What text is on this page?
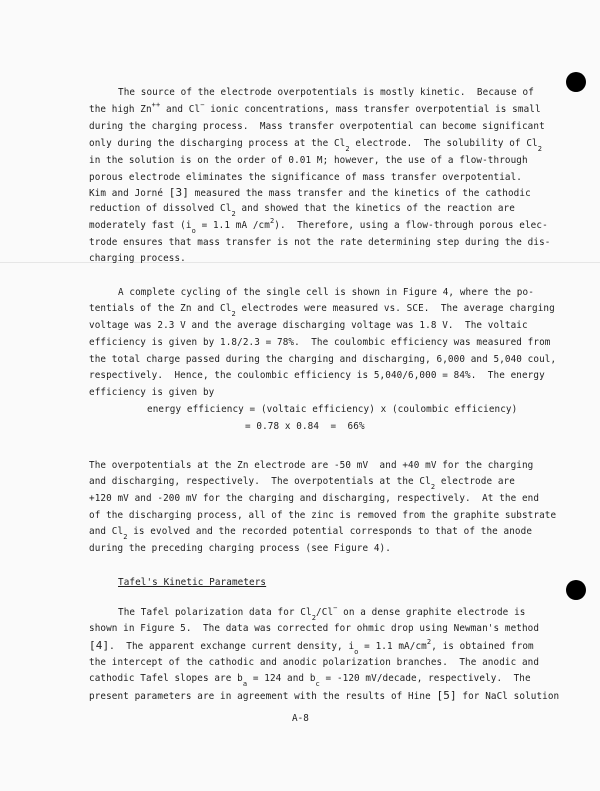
The source of the electrode overpotentials is mostly kinetic.  Because of
the high Zn++ and Cl− ionic concentrations, mass transfer overpotential is small
during the charging process.  Mass transfer overpotential can become significant
only during the discharging process at the $Cl_2$ electrode.  The solubility of $Cl_2$
in the solution is on the order of 0.01 M; however, the use of a flow-through
porous electrode eliminates the significance of mass transfer overpotential.
Kim and Jorné [3] measured the mass transfer and the kinetics of the cathodic
reduction of dissolved $Cl_2$ and showed that the kinetics of the reaction are
moderately fast ($i_o = 1.1$ mA $/cm^2$).  Therefore, using a flow-through porous elec-
trode ensures that mass transfer is not the rate determining step during the dis-
charging process.
A complete cycling of the single cell is shown in Figure 4, where the po-
tentials of the Zn and $Cl_2$ electrodes were measured vs. SCE.  The average charging
voltage was 2.3 V and the average discharging voltage was 1.8 V.  The voltaic
efficiency is given by 1.8/2.3 = 78%.  The coulombic efficiency was measured from
the total charge passed during the charging and discharging, 6,000 and 5,040 coul,
respectively.  Hence, the coulombic efficiency is 5,040/6,000 = 84%.  The energy
efficiency is given by
energy efficiency = (voltaic efficiency) x (coulombic efficiency)
= 0.78 x 0.84  =  66%
The overpotentials at the Zn electrode are -50 mV  and +40 mV for the charging
and discharging, respectively.  The overpotentials at the $Cl_2$ electrode are
+120 mV and -200 mV for the charging and discharging, respectively.  At the end
of the discharging process, all of the zinc is removed from the graphite substrate
and $Cl_2$ is evolved and the recorded potential corresponds to that of the anode
during the preceding charging process (see Figure 4).
Tafel's Kinetic Parameters
The Tafel polarization data for $Cl_2/Cl^-$ on a dense graphite electrode is
shown in Figure 5.  The data was corrected for ohmic drop using Newman's method
[4].  The apparent exchange current density, $i_o = 1.1$ $mA/cm^2$, is obtained from
the intercept of the cathodic and anodic polarization branches.  The anodic and
cathodic Tafel slopes are $b_a = 124$ and $b_c = -120$ mV/decade, respectively.  The
present parameters are in agreement with the results of Hine [5] for NaCl solution
A-8
